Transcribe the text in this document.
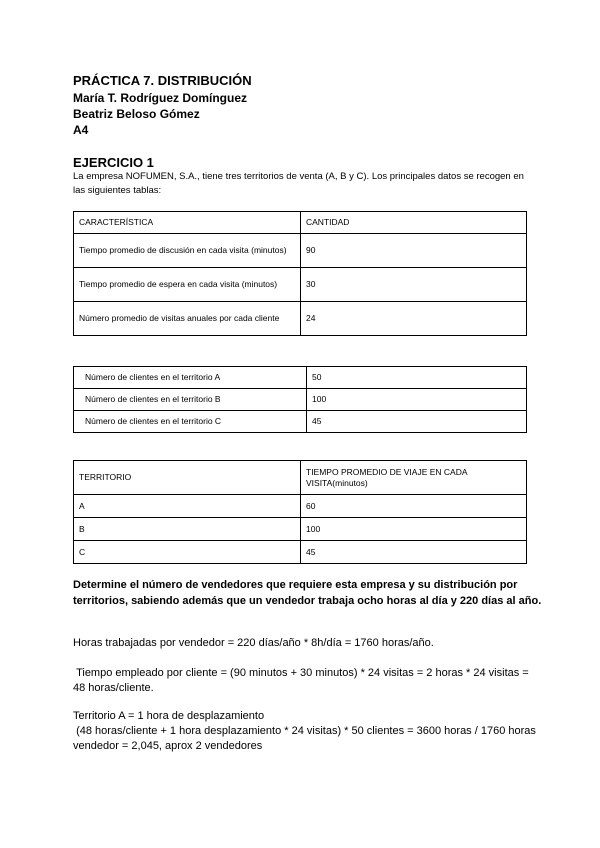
PRÁCTICA 7. DISTRIBUCIÓN
María T. Rodríguez Domínguez
Beatriz Beloso Gómez
A4
EJERCICIO 1
La empresa NOFUMEN, S.A., tiene tres territorios de venta (A, B y C). Los principales datos se recogen en las siguientes tablas:
CARACTERÍSTICA	CANTIDAD
Tiempo promedio de discusión en cada visita (minutos)	90
Tiempo promedio de espera en cada visita (minutos)	30
Número promedio de visitas anuales por cada cliente	24
Número de clientes en el territorio A	50
Número de clientes en el territorio B	100
Número de clientes en el territorio C	45
TERRITORIO	TIEMPO PROMEDIO DE VIAJE EN CADA VISITA(minutos)
A	60
B	100
C	45
Determine el número de vendedores que requiere esta empresa y su distribución por territorios, sabiendo además que un vendedor trabaja ocho horas al día y 220 días al año.
Horas trabajadas por vendedor = 220 días/año * 8h/día = 1760 horas/año.
Tiempo empleado por cliente = (90 minutos + 30 minutos) * 24 visitas = 2 horas * 24 visitas = 48 horas/cliente.
Territorio A = 1 hora de desplazamiento
(48 horas/cliente + 1 hora desplazamiento * 24 visitas) * 50 clientes = 3600 horas / 1760 horas vendedor = 2,045, aprox 2 vendedores
